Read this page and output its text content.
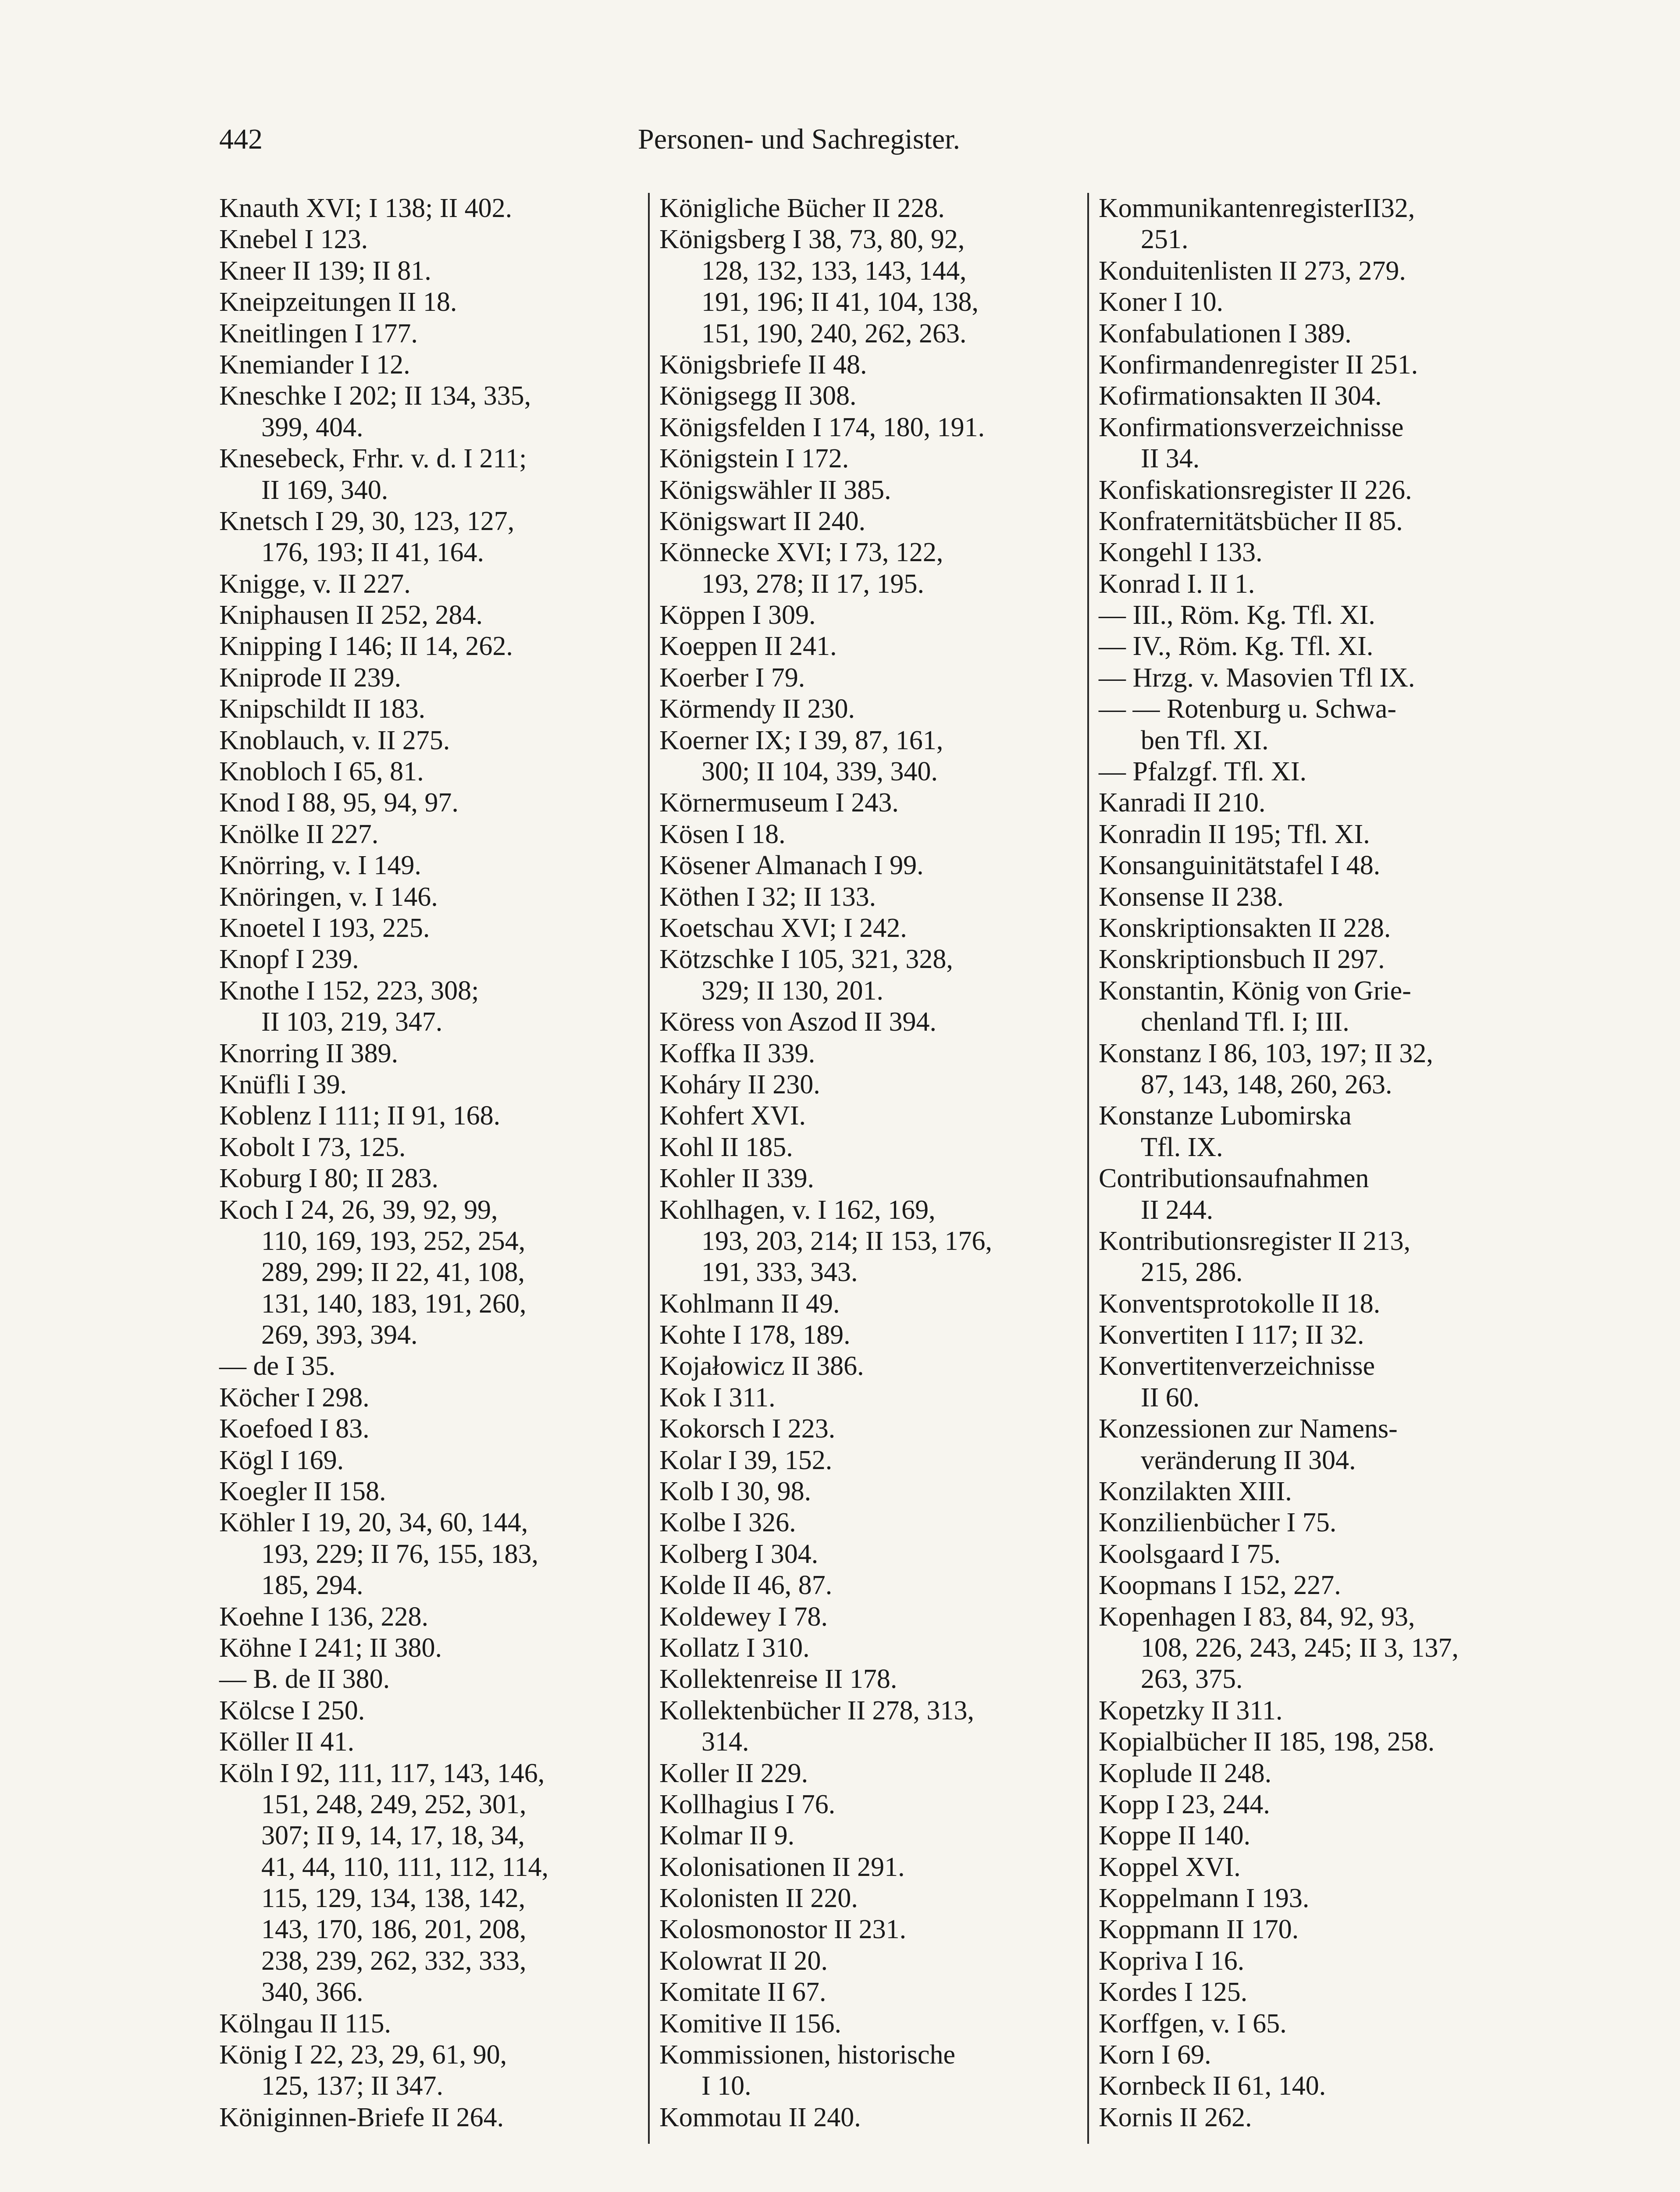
442	Personen- und Sachregister.
Knauth XVI; I 138; II 402.
Knebel I 123.
Kneer II 139; II 81.
Kneipzeitungen II 18.
Kneitlingen I 177.
Knemiander I 12.
Kneschke I 202; II 134, 335,
399, 404.
Knesebeck, Frhr. v. d. I 211;
II 169, 340.
Knetsch I 29, 30, 123, 127,
176, 193; II 41, 164.
Knigge, v. II 227.
Kniphausen II 252, 284.
Knipping I 146; II 14, 262.
Kniprode II 239.
Knipschildt II 183.
Knoblauch, v. II 275.
Knobloch I 65, 81.
Knod I 88, 95, 94, 97.
Knölke II 227.
Knörring, v. I 149.
Knöringen, v. I 146.
Knoetel I 193, 225.
Knopf I 239.
Knothe I 152, 223, 308;
II 103, 219, 347.
Knorring II 389.
Knüfli I 39.
Koblenz I 111; II 91, 168.
Kobolt I 73, 125.
Koburg I 80; II 283.
Koch I 24, 26, 39, 92, 99,
110, 169, 193, 252, 254,
289, 299; II 22, 41, 108,
131, 140, 183, 191, 260,
269, 393, 394.
— de I 35.
Köcher I 298.
Koefoed I 83.
Kögl I 169.
Koegler II 158.
Köhler I 19, 20, 34, 60, 144,
193, 229; II 76, 155, 183,
185, 294.
Koehne I 136, 228.
Köhne I 241; II 380.
— B. de II 380.
Kölcse I 250.
Köller II 41.
Köln I 92, 111, 117, 143, 146,
151, 248, 249, 252, 301,
307; II 9, 14, 17, 18, 34,
41, 44, 110, 111, 112, 114,
115, 129, 134, 138, 142,
143, 170, 186, 201, 208,
238, 239, 262, 332, 333,
340, 366.
Kölngau II 115.
König I 22, 23, 29, 61, 90,
125, 137; II 347.
Königinnen-Briefe II 264.
Königliche Bücher II 228.
Königsberg I 38, 73, 80, 92,
128, 132, 133, 143, 144,
191, 196; II 41, 104, 138,
151, 190, 240, 262, 263.
Königsbriefe II 48.
Königsegg II 308.
Königsfelden I 174, 180, 191.
Königstein I 172.
Königswähler II 385.
Königswart II 240.
Könnecke XVI; I 73, 122,
193, 278; II 17, 195.
Köppen I 309.
Koeppen II 241.
Koerber I 79.
Körmendy II 230.
Koerner IX; I 39, 87, 161,
300; II 104, 339, 340.
Körnermuseum I 243.
Kösen I 18.
Kösener Almanach I 99.
Köthen I 32; II 133.
Koetschau XVI; I 242.
Kötzschke I 105, 321, 328,
329; II 130, 201.
Köress von Aszod II 394.
Koffka II 339.
Koháry II 230.
Kohfert XVI.
Kohl II 185.
Kohler II 339.
Kohlhagen, v. I 162, 169,
193, 203, 214; II 153, 176,
191, 333, 343.
Kohlmann II 49.
Kohte I 178, 189.
Kojałowicz II 386.
Kok I 311.
Kokorsch I 223.
Kolar I 39, 152.
Kolb I 30, 98.
Kolbe I 326.
Kolberg I 304.
Kolde II 46, 87.
Koldewey I 78.
Kollatz I 310.
Kollektenreise II 178.
Kollektenbücher II 278, 313,
314.
Koller II 229.
Kollhagius I 76.
Kolmar II 9.
Kolonisationen II 291.
Kolonisten II 220.
Kolosmonostor II 231.
Kolowrat II 20.
Komitate II 67.
Komitive II 156.
Kommissionen, historische
I 10.
Kommotau II 240.
KommunikantenregisterII32,
251.
Konduitenlisten II 273, 279.
Koner I 10.
Konfabulationen I 389.
Konfirmandenregister II 251.
Kofirmationsakten II 304.
Konfirmationsverzeichnisse
II 34.
Konfiskationsregister II 226.
Konfraternitätsbücher II 85.
Kongehl I 133.
Konrad I. II 1.
— III., Röm. Kg. Tfl. XI.
— IV., Röm. Kg. Tfl. XI.
— Hrzg. v. Masovien Tfl IX.
— — Rotenburg u. Schwa-
ben Tfl. XI.
— Pfalzgf. Tfl. XI.
Kanradi II 210.
Konradin II 195; Tfl. XI.
Konsanguinitätstafel I 48.
Konsense II 238.
Konskriptionsakten II 228.
Konskriptionsbuch II 297.
Konstantin, König von Grie-
chenland Tfl. I; III.
Konstanz I 86, 103, 197; II 32,
87, 143, 148, 260, 263.
Konstanze Lubomirska
Tfl. IX.
Contributionsaufnahmen
II 244.
Kontributionsregister II 213,
215, 286.
Konventsprotokolle II 18.
Konvertiten I 117; II 32.
Konvertitenverzeichnisse
II 60.
Konzessionen zur Namens-
veränderung II 304.
Konzilakten XIII.
Konzilienbücher I 75.
Koolsgaard I 75.
Koopmans I 152, 227.
Kopenhagen I 83, 84, 92, 93,
108, 226, 243, 245; II 3, 137,
263, 375.
Kopetzky II 311.
Kopialbücher II 185, 198, 258.
Koplude II 248.
Kopp I 23, 244.
Koppe II 140.
Koppel XVI.
Koppelmann I 193.
Koppmann II 170.
Kopriva I 16.
Kordes I 125.
Korffgen, v. I 65.
Korn I 69.
Kornbeck II 61, 140.
Kornis II 262.
